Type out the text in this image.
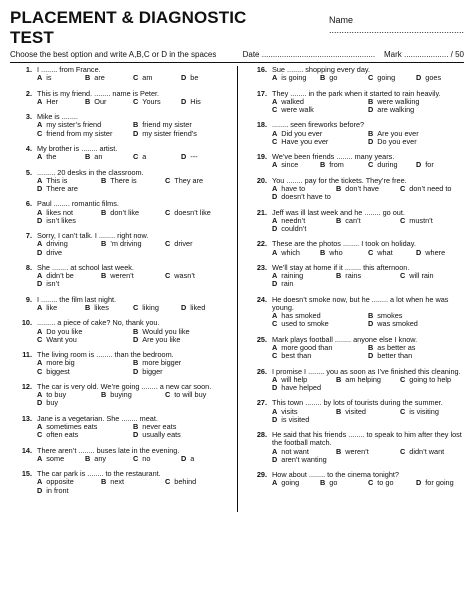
PLACEMENT & DIAGNOSTIC TEST
Name ......................................................
Choose the best option and write A,B,C or D in the spaces	Date ................................................... Mark .................... / 50
1. I ........ from France.
A is	B are	C am	D be
2. This is my friend. ........ name is Peter.
A Her	B Our	C Yours	D His
3. Mike is ........
A my sister’s friend	B friend my sister
C friend from my sister	D my sister friend’s
4. My brother is ........ artist.
A the	B an	C a	D ---
5. ......... 20 desks in the classroom.
A This is	B There is	C They are
D There are
6. Paul ........ romantic films.
A likes not	B don’t like	C doesn’t like
D isn’t likes
7. Sorry, I can’t talk. I ........ right now.
A driving	B ’m driving	C driver
D drive
8. She ........ at school last week.
A didn’t be	B weren’t	C wasn’t
D isn’t
9. I ........ the film last night.
A like	B likes	C liking	D liked
10. ......... a piece of cake? No, thank you.
A Do you like	B Would you like
C Want you	D Are you like
11. The living room is ........ than the bedroom.
A more big	B more bigger
C biggest	D bigger
12. The car is very old. We’re going ........ a new car soon.
A to buy	B buying	C to will buy
D buy
13. Jane is a vegetarian. She ........ meat.
A sometimes eats	B never eats
C often eats	D usually eats
14. There aren’t ........ buses late in the evening.
A some	B any	C no	D a
15. The car park is ........ to the restaurant.
A opposite	B next	C behind
D in front
16. Sue ........ shopping every day.
A is going	B go	C going	D goes
17. They ........ in the park when it started to rain heavily.
A walked	B were walking
C were walk	D are walking
18. ........ seen fireworks before?
A Did you ever	B Are you ever
C Have you ever	D Do you ever
19. We’ve been friends ........ many years.
A since	B from	C during	D for
20. You ........ pay for the tickets. They’re free.
A have to	B don’t have	C don’t need to
D doesn’t have to
21. Jeff was ill last week and he ........ go out.
A needn’t	B can’t	C mustn’t
D couldn’t
22. These are the photos ........ I took on holiday.
A which	B who	C what	D where
23. We’ll stay at home if it ........ this afternoon.
A raining	B rains	C will rain
D rain
24. He doesn’t smoke now, but he ........ a lot when he was young.
A has smoked	B smokes
C used to smoke	D was smoked
25. Mark plays football ........ anyone else I know.
A more good than	B as better as
C best than	D better than
26. I promise I ........ you as soon as I’ve finished this cleaning.
A will help	B am helping	C going to help
D have helped
27. This town ........ by lots of tourists during the summer.
A visits	B visited	C is visiting
D is visited
28. He said that his friends ........ to speak to him after they lost the football match.
A not want	B weren’t	C didn’t want
D aren’t wanting
29. How about ........ to the cinema tonight?
A going	B go	C to go	D for going
